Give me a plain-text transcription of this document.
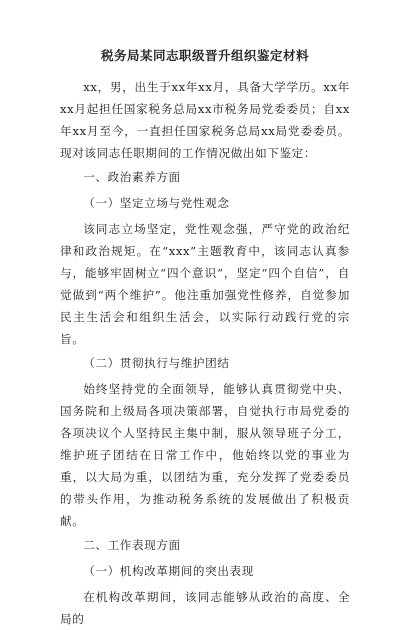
税务局某同志职级晋升组织鉴定材料

xx，男，出生于xx年xx月，具备大学学历。xx年xx月起担任国家税务总局xx市税务局党委委员；自xx年xx月至今，一直担任国家税务总局xx局党委委员。现对该同志任职期间的工作情况做出如下鉴定：

一、政治素养方面
（一）坚定立场与党性观念

该同志立场坚定，党性观念强，严守党的政治纪律和政治规矩。在“xxx”主题教育中，该同志认真参与，能够牢固树立“四个意识”，坚定“四个自信”，自觉做到“两个维护”。他注重加强党性修养，自觉参加民主生活会和组织生活会，以实际行动践行党的宗旨。

（二）贯彻执行与维护团结

始终坚持党的全面领导，能够认真贯彻党中央、国务院和上级局各项决策部署，自觉执行市局党委的各项决议个人坚持民主集中制，服从领导班子分工，维护班子团结在日常工作中，他始终以党的事业为重，以大局为重，以团结为重，充分发挥了党委委员的带头作用，为推动税务系统的发展做出了积极贡献。

二、工作表现方面
（一）机构改革期间的突出表现

在机构改革期间，该同志能够从政治的高度、全局的
